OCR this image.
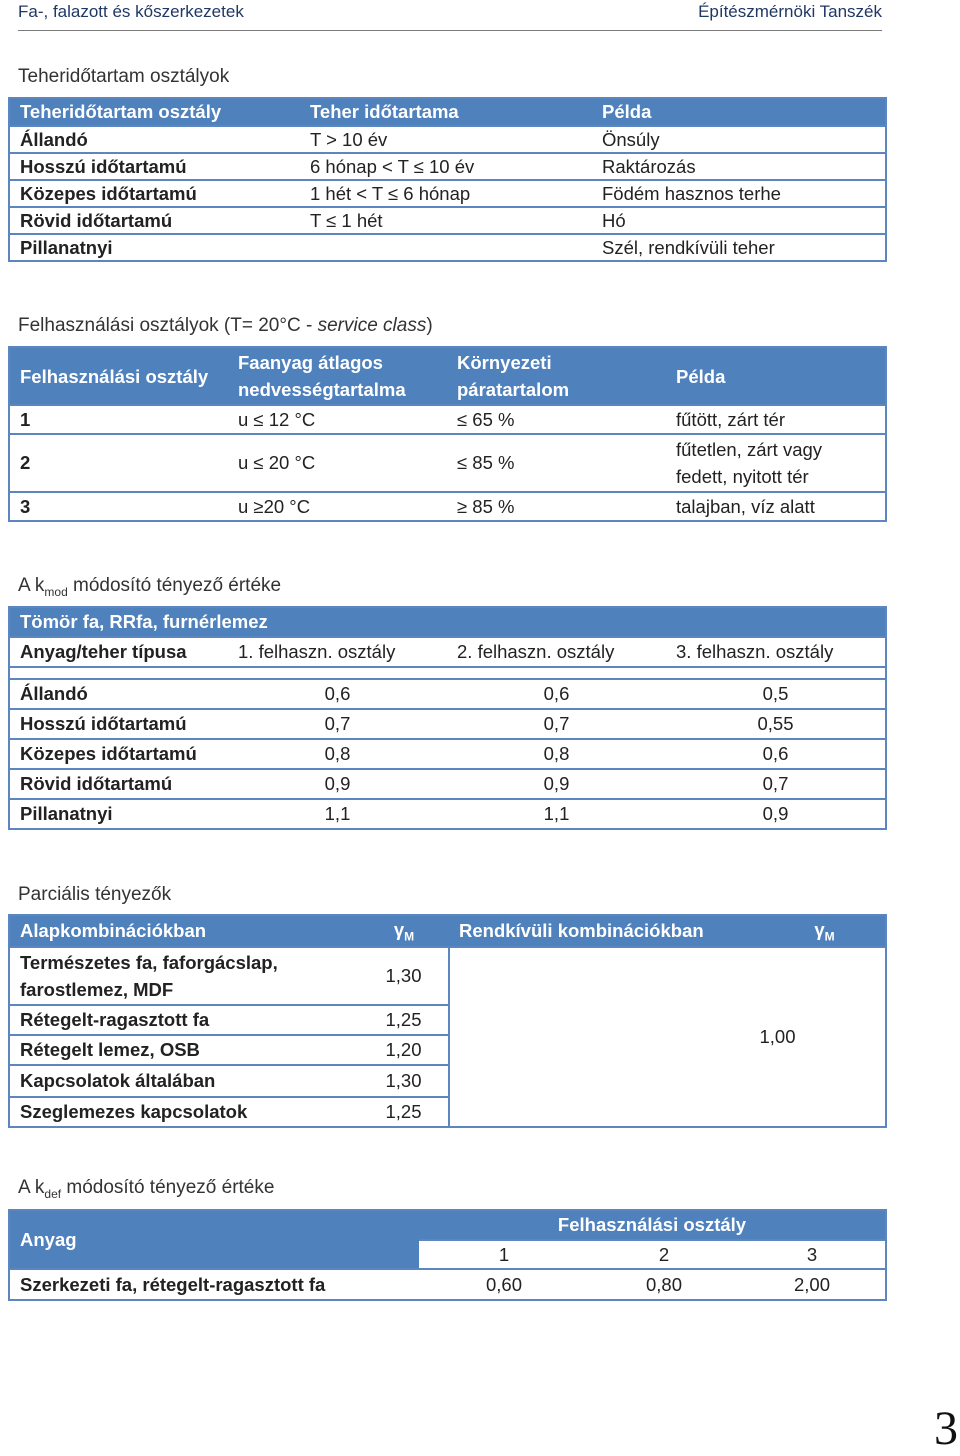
Fa-, falazott és kőszerkezetek	Építészmérnöki Tanszék
Teheridőtartam osztályok
Teheridőtartam osztály	Teher időtartama	Példa
Állandó	T > 10 év	Önsúly
Hosszú időtartamú	6 hónap < T ≤ 10 év	Raktározás
Közepes időtartamú	1 hét < T ≤ 6 hónap	Födém hasznos terhe
Rövid időtartamú	T ≤ 1 hét	Hó
Pillanatnyi		Szél, rendkívüli teher
Felhasználási osztályok (T= 20°C - service class)
Felhasználási osztály	Faanyag átlagos nedvességtartalma	Környezeti páratartalom	Példa
1	u ≤ 12 °C	≤ 65 %	fűtött, zárt tér
2	u ≤ 20 °C	≤ 85 %	fűtetlen, zárt vagy fedett, nyitott tér
3	u ≥20 °C	≥ 85 %	talajban, víz alatt
A $k_{mod}$ módosító tényező értéke
Tömör fa, RRfa, furnérlemez			
Anyag/teher típusa	1. felhaszn. osztály	2. felhaszn. osztály	3. felhaszn. osztály

Állandó	0,6	0,6	0,5
Hosszú időtartamú	0,7	0,7	0,55
Közepes időtartamú	0,8	0,8	0,6
Rövid időtartamú	0,9	0,9	0,7
Pillanatnyi	1,1	1,1	0,9
Parciális tényezők
Alapkombinációkban	$\gamma_M$	Rendkívüli kombinációkban	$\gamma_M$
Természetes fa, faforgácslap, farostlemez, MDF	1,30	1,00	
Rétegelt-ragasztott fa	1,25		
Rétegelt lemez, OSB	1,20		
Kapcsolatok általában	1,30		
Szeglemezes kapcsolatok	1,25		
A $k_{def}$ módosító tényező értéke
Anyag	Felhasználási osztály		
	1	2	3
Szerkezeti fa, rétegelt-ragasztott fa	0,60	0,80	2,00
3
